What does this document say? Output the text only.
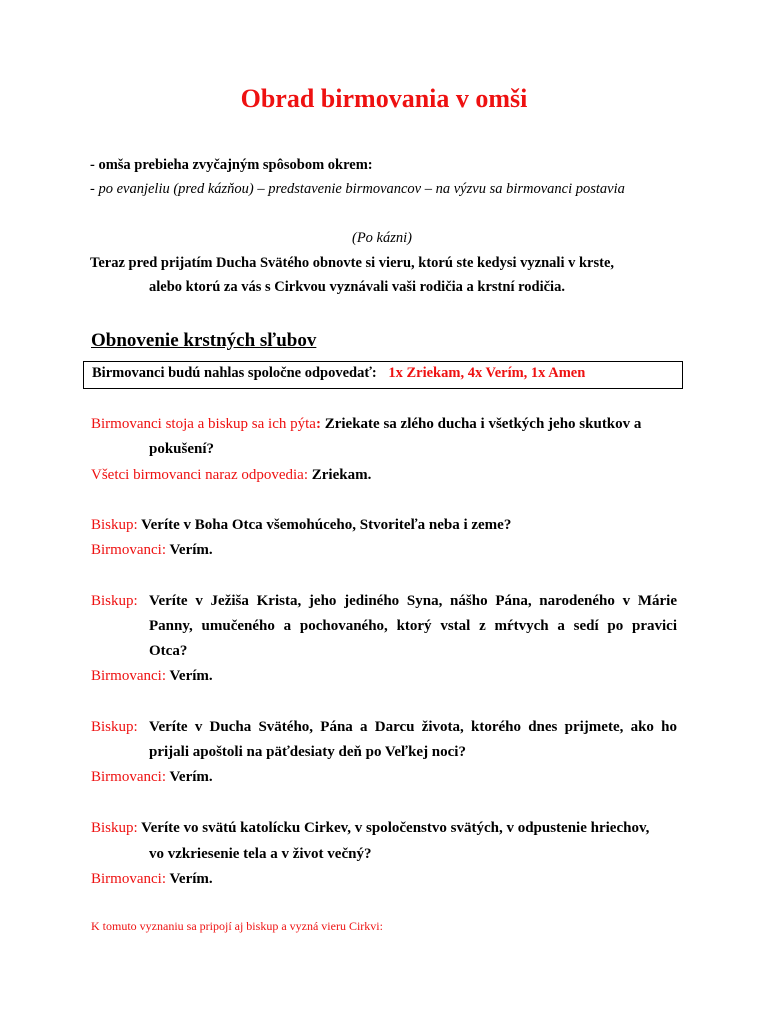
Obrad birmovania v omši
- omša prebieha zvyčajným spôsobom okrem:
- po evanjeliu (pred kázňou) – predstavenie birmovancov – na výzvu sa birmovanci postavia
(Po kázni)
Teraz pred prijatím Ducha Svätého obnovte si vieru, ktorú ste kedysi vyznali v krste,
alebo ktorú za vás s Cirkvou vyznávali vaši rodičia a krstní rodičia.
Obnovenie krstných sľubov
Birmovanci budú nahlas spoločne odpovedať: 1x Zriekam, 4x Verím, 1x Amen
Birmovanci stoja a biskup sa ich pýta: Zriekate sa zlého ducha i všetkých jeho skutkov a
pokušení?
Všetci birmovanci naraz odpovedia: Zriekam.
Biskup: Veríte v Boha Otca všemohúceho, Stvoriteľa neba i zeme?
Birmovanci: Verím.
Biskup: Veríte v Ježiša Krista, jeho jediného Syna, nášho Pána, narodeného v Márie
Panny, umučeného a pochovaného, ktorý vstal z mŕtvych a sedí po pravici
Otca?
Birmovanci: Verím.
Biskup: Veríte v Ducha Svätého, Pána a Darcu života, ktorého dnes prijmete, ako ho
prijali apoštoli na päťdesiaty deň po Veľkej noci?
Birmovanci: Verím.
Biskup: Veríte vo svätú katolícku Cirkev, v spoločenstvo svätých, v odpustenie hriechov,
vo vzkriesenie tela a v život večný?
Birmovanci: Verím.
K tomuto vyznaniu sa pripojí aj biskup a vyzná vieru Cirkvi:
